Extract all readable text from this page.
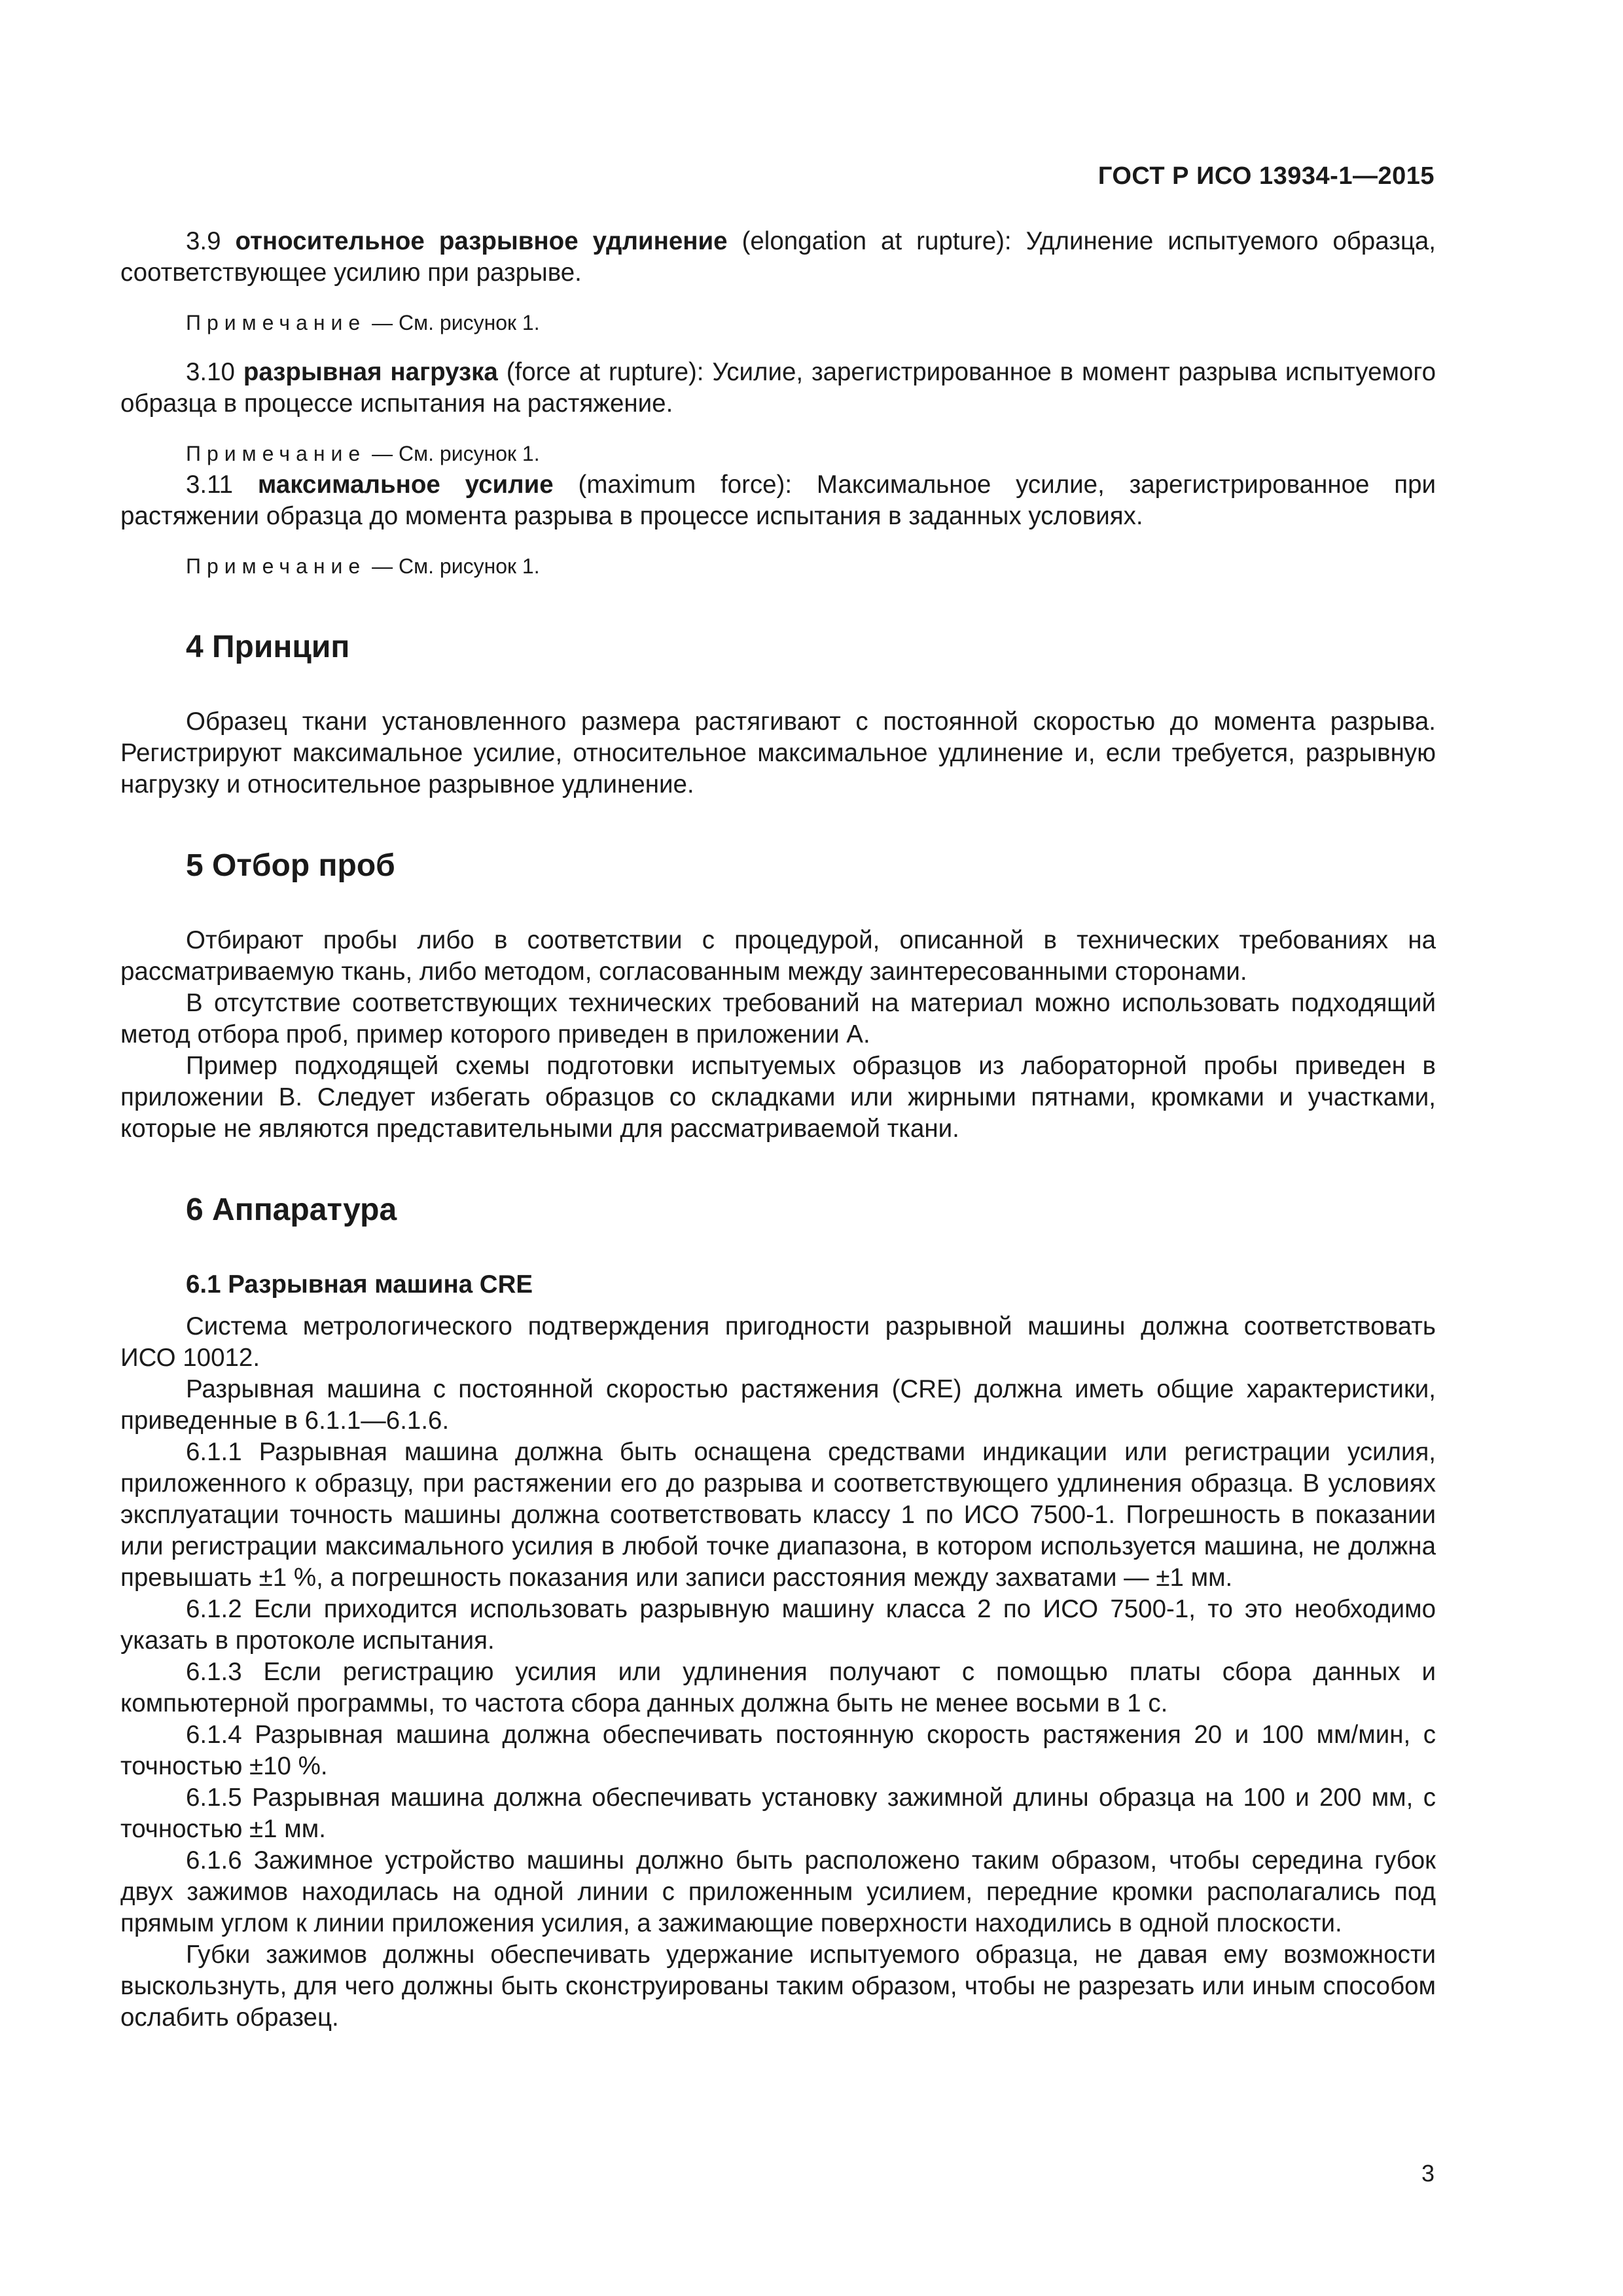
ГОСТ Р ИСО 13934-1—2015

3.9 относительное разрывное удлинение (elongation at rupture): Удлинение испытуемого образца, соответствующее усилию при разрыве.

Примечание — См. рисунок 1.

3.10 разрывная нагрузка (force at rupture): Усилие, зарегистрированное в момент разрыва испытуемого образца в процессе испытания на растяжение.

Примечание — См. рисунок 1.

3.11 максимальное усилие (maximum force): Максимальное усилие, зарегистрированное при растяжении образца до момента разрыва в процессе испытания в заданных условиях.

Примечание — См. рисунок 1.

4 Принцип

Образец ткани установленного размера растягивают с постоянной скоростью до момента разрыва. Регистрируют максимальное усилие, относительное максимальное удлинение и, если требуется, разрывную нагрузку и относительное разрывное удлинение.

5 Отбор проб

Отбирают пробы либо в соответствии с процедурой, описанной в технических требованиях на рассматриваемую ткань, либо методом, согласованным между заинтересованными сторонами.

В отсутствие соответствующих технических требований на материал можно использовать подходящий метод отбора проб, пример которого приведен в приложении А.

Пример подходящей схемы подготовки испытуемых образцов из лабораторной пробы приведен в приложении В. Следует избегать образцов со складками или жирными пятнами, кромками и участками, которые не являются представительными для рассматриваемой ткани.

6 Аппаратура
6.1 Разрывная машина CRE

Система метрологического подтверждения пригодности разрывной машины должна соответствовать ИСО 10012.

Разрывная машина с постоянной скоростью растяжения (CRE) должна иметь общие характеристики, приведенные в 6.1.1—6.1.6.

6.1.1 Разрывная машина должна быть оснащена средствами индикации или регистрации усилия, приложенного к образцу, при растяжении его до разрыва и соответствующего удлинения образца. В условиях эксплуатации точность машины должна соответствовать классу 1 по ИСО 7500-1. Погрешность в показании или регистрации максимального усилия в любой точке диапазона, в котором используется машина, не должна превышать ±1 %, а погрешность показания или записи расстояния между захватами — ±1 мм.

6.1.2 Если приходится использовать разрывную машину класса 2 по ИСО 7500-1, то это необходимо указать в протоколе испытания.

6.1.3 Если регистрацию усилия или удлинения получают с помощью платы сбора данных и компьютерной программы, то частота сбора данных должна быть не менее восьми в 1 с.

6.1.4 Разрывная машина должна обеспечивать постоянную скорость растяжения 20 и 100 мм/мин, с точностью ±10 %.

6.1.5 Разрывная машина должна обеспечивать установку зажимной длины образца на 100 и 200 мм, с точностью ±1 мм.

6.1.6 Зажимное устройство машины должно быть расположено таким образом, чтобы середина губок двух зажимов находилась на одной линии с приложенным усилием, передние кромки располагались под прямым углом к линии приложения усилия, а зажимающие поверхности находились в одной плоскости.

Губки зажимов должны обеспечивать удержание испытуемого образца, не давая ему возможности выскользнуть, для чего должны быть сконструированы таким образом, чтобы не разрезать или иным способом ослабить образец.

3
